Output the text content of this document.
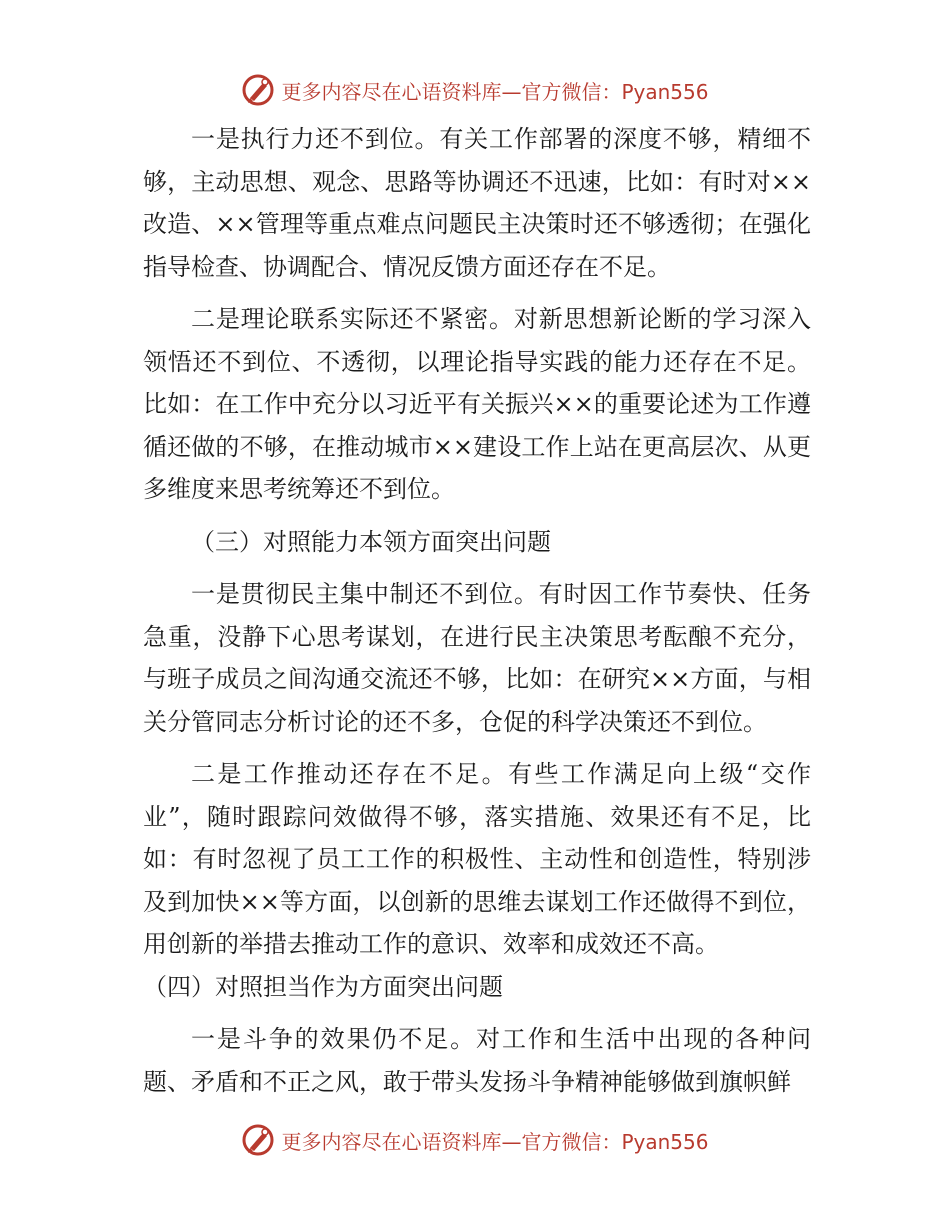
更多内容尽在心语资料库—官方微信：Pyan556

一是执行力还不到位。有关工作部署的深度不够，精细不够，主动思想、观念、思路等协调还不迅速，比如：有时对××改造、××管理等重点难点问题民主决策时还不够透彻；在强化指导检查、协调配合、情况反馈方面还存在不足。

二是理论联系实际还不紧密。对新思想新论断的学习深入领悟还不到位、不透彻，以理论指导实践的能力还存在不足。比如：在工作中充分以习近平有关振兴××的重要论述为工作遵循还做的不够，在推动城市××建设工作上站在更高层次、从更多维度来思考统筹还不到位。

（三）对照能力本领方面突出问题

一是贯彻民主集中制还不到位。有时因工作节奏快、任务急重，没静下心思考谋划，在进行民主决策思考酝酿不充分，与班子成员之间沟通交流还不够，比如：在研究××方面，与相关分管同志分析讨论的还不多，仓促的科学决策还不到位。

二是工作推动还存在不足。有些工作满足向上级“交作业”，随时跟踪问效做得不够，落实措施、效果还有不足，比如：有时忽视了员工工作的积极性、主动性和创造性，特别涉及到加快××等方面，以创新的思维去谋划工作还做得不到位，用创新的举措去推动工作的意识、效率和成效还不高。

（四）对照担当作为方面突出问题

一是斗争的效果仍不足。对工作和生活中出现的各种问题、矛盾和不正之风，敢于带头发扬斗争精神能够做到旗帜鲜

更多内容尽在心语资料库—官方微信：Pyan556
